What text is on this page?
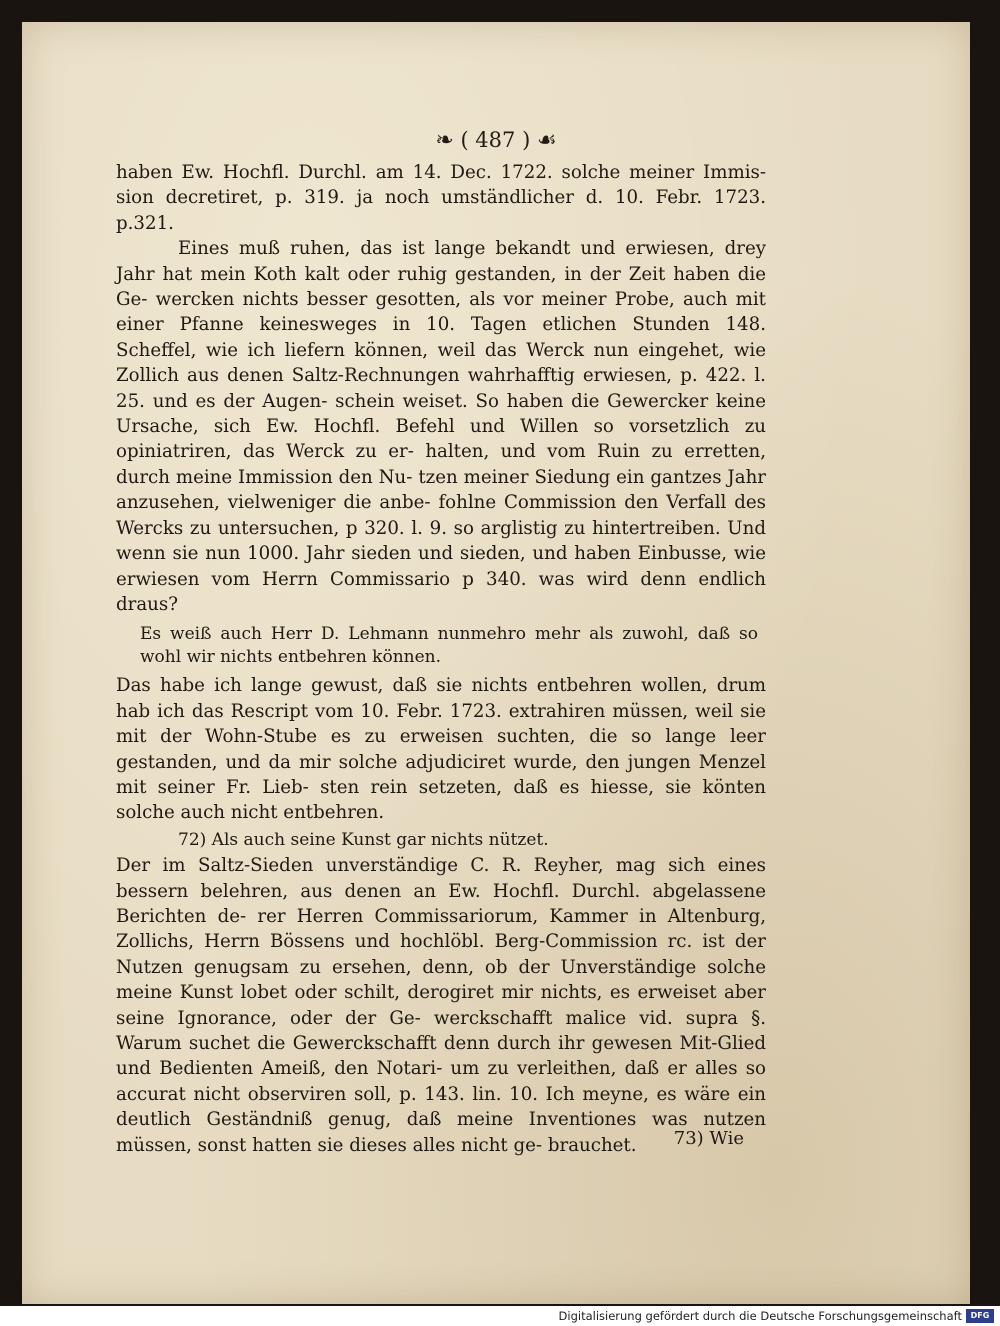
❧ ( 487 ) ☙

haben Ew. Hochfl. Durchl. am 14. Dec. 1722. solche meiner Immis- sion decretiret, p. 319. ja noch umständlicher d. 10. Febr. 1723. p.321.

Eines muß ruhen, das ist lange bekandt und erwiesen, drey Jahr hat mein Koth kalt oder ruhig gestanden, in der Zeit haben die Ge- wercken nichts besser gesotten, als vor meiner Probe, auch mit einer Pfanne keinesweges in 10. Tagen etlichen Stunden 148. Scheffel, wie ich liefern können, weil das Werck nun eingehet, wie Zollich aus denen Saltz-Rechnungen wahrhafftig erwiesen, p. 422. l. 25. und es der Augen- schein weiset. So haben die Gewercker keine Ursache, sich Ew. Hochfl. Befehl und Willen so vorsetzlich zu opiniatriren, das Werck zu er- halten, und vom Ruin zu erretten, durch meine Immission den Nu- tzen meiner Siedung ein gantzes Jahr anzusehen, vielweniger die anbe- fohlne Commission den Verfall des Wercks zu untersuchen, p 320. l. 9. so arglistig zu hintertreiben. Und wenn sie nun 1000. Jahr sieden und sieden, und haben Einbusse, wie erwiesen vom Herrn Commissario p 340. was wird denn endlich draus?

Es weiß auch Herr D. Lehmann nunmehro mehr als zuwohl, daß so wohl wir nichts entbehren können.

Das habe ich lange gewust, daß sie nichts entbehren wollen, drum hab ich das Rescript vom 10. Febr. 1723. extrahiren müssen, weil sie mit der Wohn-Stube es zu erweisen suchten, die so lange leer gestanden, und da mir solche adjudiciret wurde, den jungen Menzel mit seiner Fr. Lieb- sten rein setzeten, daß es hiesse, sie könten solche auch nicht entbehren.

72) Als auch seine Kunst gar nichts nützet.

Der im Saltz-Sieden unverständige C. R. Reyher, mag sich eines bessern belehren, aus denen an Ew. Hochfl. Durchl. abgelassene Berichten de- rer Herren Commissariorum, Kammer in Altenburg, Zollichs, Herrn Bössens und hochlöbl. Berg-Commission rc. ist der Nutzen genugsam zu ersehen, denn, ob der Unverständige solche meine Kunst lobet oder schilt, derogiret mir nichts, es erweiset aber seine Ignorance, oder der Ge- werckschafft malice vid. supra §. Warum suchet die Gewerckschafft denn durch ihr gewesen Mit-Glied und Bedienten Ameiß, den Notari- um zu verleithen, daß er alles so accurat nicht observiren soll, p. 143. lin. 10. Ich meyne, es wäre ein deutlich Geständniß genug, daß meine Inventiones was nutzen müssen, sonst hatten sie dieses alles nicht ge- brauchet.	73) Wie
Digitalisierung gefördert durch die Deutsche Forschungsgemeinschaft	DFG
